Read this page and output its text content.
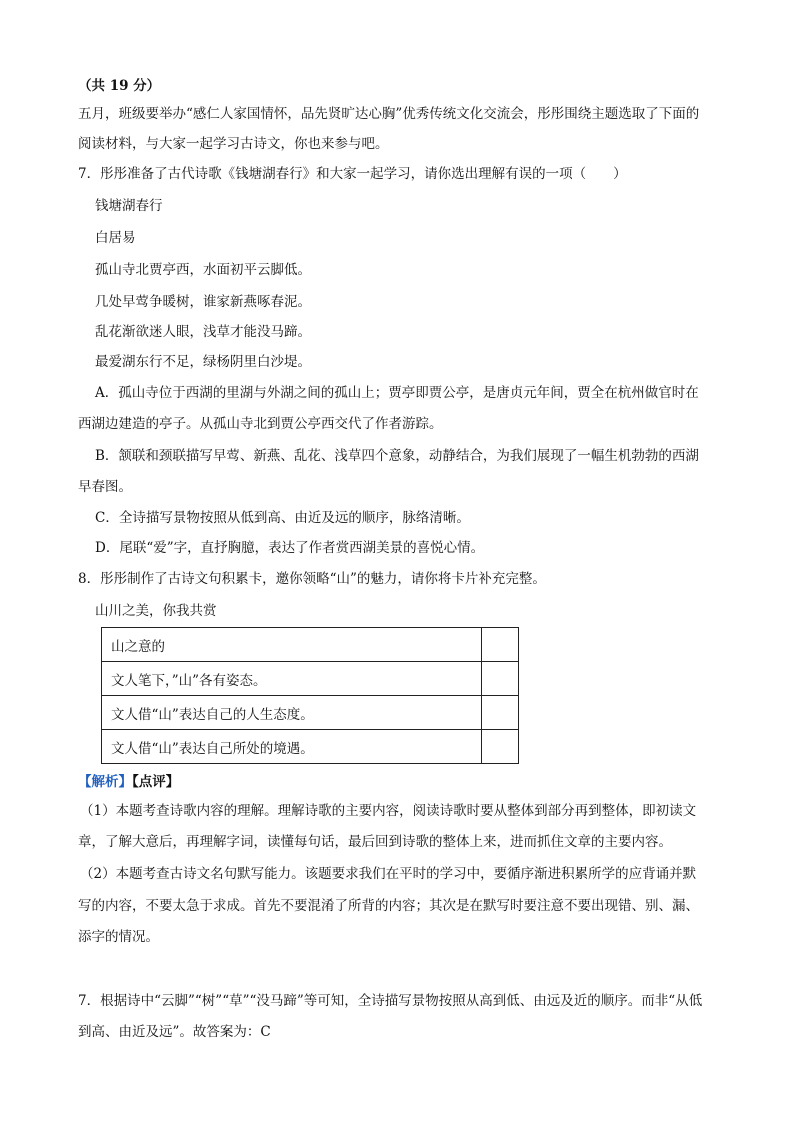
（共 19 分）
五月，班级要举办“感仁人家国情怀，品先贤旷达心胸”优秀传统文化交流会，彤彤围绕主题选取了下面的
阅读材料，与大家一起学习古诗文，你也来参与吧。
7．彤彤准备了古代诗歌《钱塘湖春行》和大家一起学习，请你选出理解有误的一项（　　）
钱塘湖春行
白居易
孤山寺北贾亭西，水面初平云脚低。
几处早莺争暖树，谁家新燕啄春泥。
乱花渐欲迷人眼，浅草才能没马蹄。
最爱湖东行不足，绿杨阴里白沙堤。
A．孤山寺位于西湖的里湖与外湖之间的孤山上；贾亭即贾公亭，是唐贞元年间，贾全在杭州做官时在
西湖边建造的亭子。从孤山寺北到贾公亭西交代了作者游踪。
B．颔联和颈联描写早莺、新燕、乱花、浅草四个意象，动静结合，为我们展现了一幅生机勃勃的西湖
早春图。
C．全诗描写景物按照从低到高、由近及远的顺序，脉络清晰。
D．尾联“爱”字，直抒胸臆，表达了作者赏西湖美景的喜悦心情。
8．彤彤制作了古诗文句积累卡，邀你领略“山”的魅力，请你将卡片补充完整。
山川之美，你我共赏
山之意的	
文人笔下，”山”各有姿态。	
文人借“山”表达自己的人生态度。	
文人借“山”表达自己所处的境遇。	
【解析】【点评】
（1）本题考查诗歌内容的理解。理解诗歌的主要内容，阅读诗歌时要从整体到部分再到整体，即初读文
章，了解大意后，再理解字词，读懂每句话，最后回到诗歌的整体上来，进而抓住文章的主要内容。
（2）本题考查古诗文名句默写能力。该题要求我们在平时的学习中，要循序渐进积累所学的应背诵并默
写的内容，不要太急于求成。首先不要混淆了所背的内容；其次是在默写时要注意不要出现错、别、漏、
添字的情况。
7．根据诗中“云脚”“树”“草”“没马蹄”等可知，全诗描写景物按照从高到低、由远及近的顺序。而非“从低
到高、由近及远”。故答案为：C
